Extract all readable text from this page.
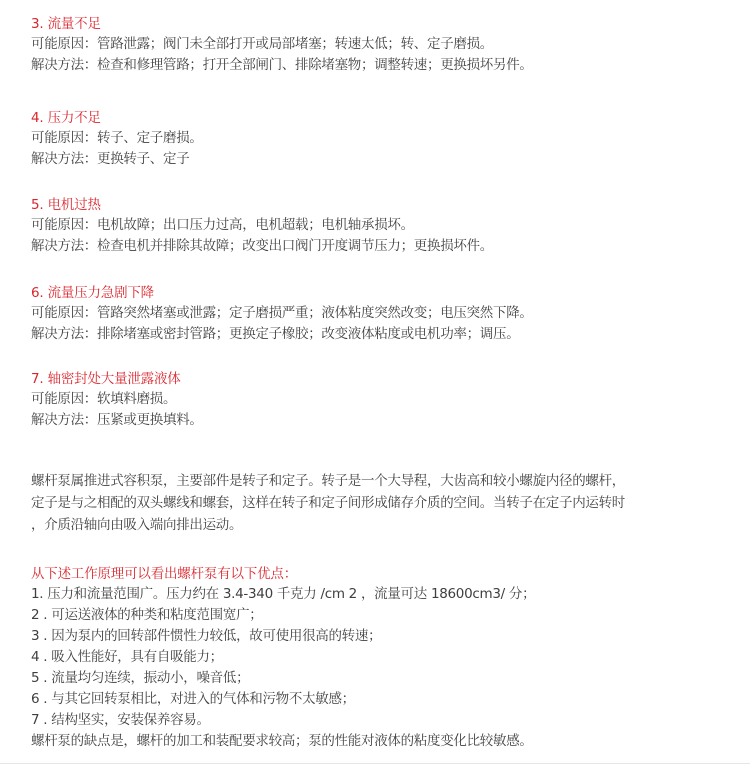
3. 流量不足
可能原因：管路泄露；阀门未全部打开或局部堵塞；转速太低；转、定子磨损。
解决方法：检查和修理管路；打开全部闸门、排除堵塞物；调整转速；更换损坏另件。
4. 压力不足
可能原因：转子、定子磨损。
解决方法：更换转子、定子
5. 电机过热
可能原因：电机故障；出口压力过高，电机超载；电机轴承损坏。
解决方法：检查电机并排除其故障；改变出口阀门开度调节压力；更换损坏件。
6. 流量压力急剧下降
可能原因：管路突然堵塞或泄露；定子磨损严重；液体粘度突然改变；电压突然下降。
解决方法：排除堵塞或密封管路；更换定子橡胶；改变液体粘度或电机功率；调压。
7. 轴密封处大量泄露液体
可能原因：软填料磨损。
解决方法：压紧或更换填料。
螺杆泵属推进式容积泵，主要部件是转子和定子。转子是一个大导程，大齿高和较小螺旋内径的螺杆，
定子是与之相配的双头螺线和螺套，这样在转子和定子间形成储存介质的空间。当转子在定子内运转时
，介质沿轴向由吸入端向排出运动。
从下述工作原理可以看出螺杆泵有以下优点：
1. 压力和流量范围广。压力约在 3.4-340 千克力 /cm 2 ，流量可达 18600cm3/ 分；
2 . 可运送液体的种类和粘度范围宽广；
3 . 因为泵内的回转部件惯性力较低，故可使用很高的转速；
4 . 吸入性能好，具有自吸能力；
5 . 流量均匀连续，振动小，噪音低；
6 . 与其它回转泵相比，对进入的气体和污物不太敏感；
7 . 结构坚实，安装保养容易。
螺杆泵的缺点是，螺杆的加工和装配要求较高；泵的性能对液体的粘度变化比较敏感。
